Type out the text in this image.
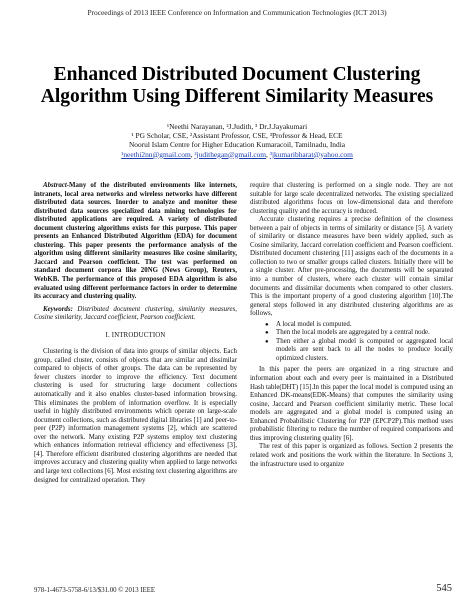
Proceedings of 2013 IEEE Conference on Information and Communication Technologies (ICT 2013)
Enhanced Distributed Document Clustering Algorithm Using Different Similarity Measures
¹Neethi Narayanan, ²J.Judith, ³ Dr.J.Jayakumari
¹ PG Scholar, CSE, ²Assistant Professor, CSE, ³Professor & Head, ECE
Noorul Islam Centre for Higher Education Kumaracoil, Tamilnadu, India
¹neethi2nn@gmail.com, ²judithegan@gmail.com, ³jkumaribharat@yahoo.com

Abstract-Many of the distributed environments like internets, intranets, local area networks and wireless networks have different distributed data sources. Inorder to analyze and monitor these distributed data sources specialized data mining technologies for distributed applications are required. A variety of distributed document clustering algorithms exists for this purpose. This paper presents an Enhanced Distributed Algorithm (EDA) for document clustering. This paper presents the performance analysis of the algorithm using different similarity measures like cosine similarity, Jaccard and Pearson coefficient. The test was performed on standard document corpora like 20NG (News Group), Reuters, WebKB. The performance of this proposed EDA algorithm is also evaluated using different performance factors in order to determine its accuracy and clustering quality.

Keywords: Distributed document clustering, similarity measures, Cosine similarity, Jaccard coefficient, Pearson coefficient.

I. INTRODUCTION

Clustering is the division of data into groups of similar objects. Each group, called cluster, consists of objects that are similar and dissimilar compared to objects of other groups. The data can be represented by fewer clusters inorder to improve the efficiency. Text document clustering is used for structuring large document collections automatically and it also enables cluster-based information browsing. This eliminates the problem of information overflow. It is especially useful in highly distributed environments which operate on large-scale document collections, such as distributed digital libraries [1] and peer-to-peer (P2P) information management systems [2], which are scattered over the network. Many existing P2P systems employ text clustering which enhances information retrieval efficiency and effectiveness [3], [4]. Therefore efficient distributed clustering algorithms are needed that improves accuracy and clustering quality when applied to large networks and large text collections [6]. Most existing text clustering algorithms are designed for centralized operation. They

require that clustering is performed on a single node. They are not suitable for large scale decentralized networks. The existing specialized distributed algorithms focus on low-dimensional data and therefore clustering quality and the accuracy is reduced.

Accurate clustering requires a precise definition of the closeness between a pair of objects in terms of similarity or distance [5]. A variety of similarity or distance measures have been widely applied, such as Cosine similarity, Jaccard correlation coefficient and Pearson coefficient. Distributed document clustering [11] assigns each of the documents in a collection to two or smaller groups called clusters. Initially there will be a single cluster. After pre-processing, the documents will be separated into a number of clusters, where each cluster will contain similar documents and dissimilar documents when compared to other clusters. This is the important property of a good clustering algorithm [10].The general steps followed in any distributed clustering algorithms are as follows,

● A local model is computed.
● Then the local models are aggregated by a central node.
● Then either a global model is computed or aggregated local models are sent back to all the nodes to produce locally optimized clusters.

In this paper the peers are organized in a ring structure and information about each and every peer is maintained in a Distributed Hash table(DHT) [15].In this paper the local model is computed using an Enhanced DK-means(EDK-Means) that computes the similarity using cosine, Jaccard and Pearson coefficient similarity metric. These local models are aggregated and a global model is computed using an Enhanced Probabilistic Clustering for P2P (EPCP2P).This method uses probabilistic filtering to reduce the number of required comparisons and thus improving clustering quality [6].

The rest of this paper is organized as follows. Section 2 presents the related work and positions the work within the literature. In Sections 3, the infrastructure used to organize

978-1-4673-5758-6/13/$31.00 © 2013 IEEE	545
